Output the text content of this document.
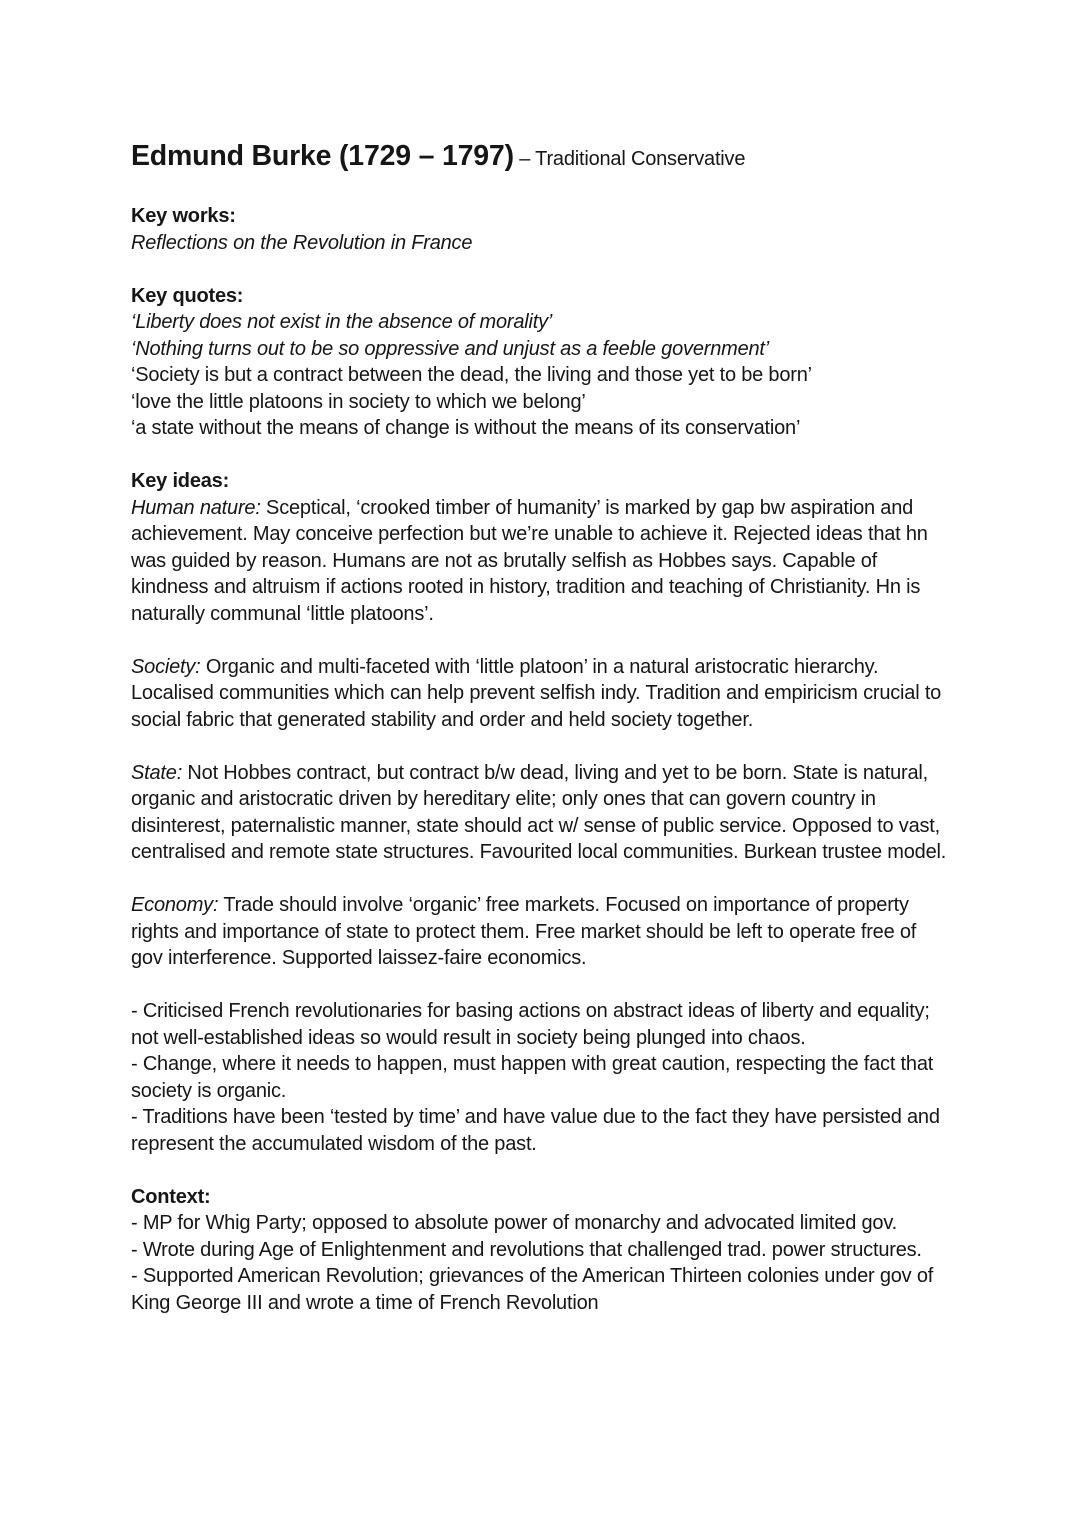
Edmund Burke (1729 – 1797) – Traditional Conservative

Key works:

Reflections on the Revolution in France

Key quotes:

‘Liberty does not exist in the absence of morality’

‘Nothing turns out to be so oppressive and unjust as a feeble government’

‘Society is but a contract between the dead, the living and those yet to be born’

‘love the little platoons in society to which we belong’

‘a state without the means of change is without the means of its conservation’

Key ideas:

Human nature: Sceptical, ‘crooked timber of humanity’ is marked by gap bw aspiration and achievement. May conceive perfection but we’re unable to achieve it. Rejected ideas that hn was guided by reason. Humans are not as brutally selfish as Hobbes says. Capable of kindness and altruism if actions rooted in history, tradition and teaching of Christianity. Hn is naturally communal ‘little platoons’.

Society: Organic and multi-faceted with ‘little platoon’ in a natural aristocratic hierarchy. Localised communities which can help prevent selfish indy. Tradition and empiricism crucial to social fabric that generated stability and order and held society together.

State: Not Hobbes contract, but contract b/w dead, living and yet to be born. State is natural, organic and aristocratic driven by hereditary elite; only ones that can govern country in disinterest, paternalistic manner, state should act w/ sense of public service. Opposed to vast, centralised and remote state structures. Favourited local communities. Burkean trustee model.

Economy: Trade should involve ‘organic’ free markets. Focused on importance of property rights and importance of state to protect them. Free market should be left to operate free of gov interference. Supported laissez-faire economics.

- Criticised French revolutionaries for basing actions on abstract ideas of liberty and equality; not well-established ideas so would result in society being plunged into chaos.

- Change, where it needs to happen, must happen with great caution, respecting the fact that society is organic.

- Traditions have been ‘tested by time’ and have value due to the fact they have persisted and represent the accumulated wisdom of the past.

Context:

- MP for Whig Party; opposed to absolute power of monarchy and advocated limited gov.

- Wrote during Age of Enlightenment and revolutions that challenged trad. power structures.

- Supported American Revolution; grievances of the American Thirteen colonies under gov of King George III and wrote a time of French Revolution
